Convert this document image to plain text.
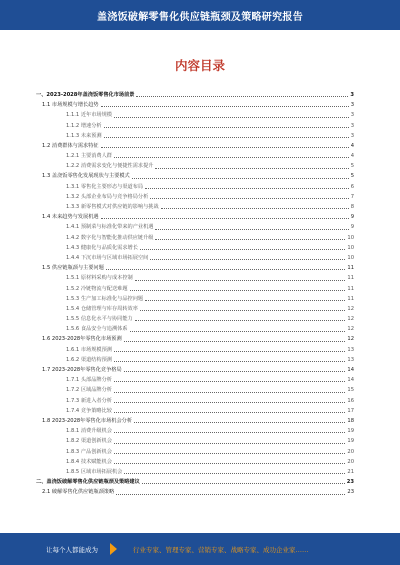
盖浇饭破解零售化供应链瓶颈及策略研究报告
内容目录
一、2023-2028年盖浇饭零售化市场前景	3
1.1 市场规模与增长趋势	3
1.1.1 近年市场规模	3
1.1.2 增速分析	3
1.1.3 未来预测	3
1.2 消费群体与需求特征	4
1.2.1 主要消费人群	4
1.2.2 消费需求变化与便捷性需求提升	5
1.3 盖浇饭零售化发展现状与主要模式	5
1.3.1 零售化主要形态与渠道布局	6
1.3.2 头部企业布局与竞争格局分析	7
1.3.3 新零售模式对供应链的影响与挑战	8
1.4 未来趋势与发展机遇	9
1.4.1 预制菜与标准化带来的产业机遇	9
1.4.2 数字化与智能化推动供应链升级	10
1.4.3 健康化与品质化需求增长	10
1.4.4 下沉市场与区域市场拓展空间	10
1.5 供应链瓶颈与主要问题	11
1.5.1 原材料采购与成本控制	11
1.5.2 冷链物流与配送难题	11
1.5.3 生产加工标准化与品控问题	11
1.5.4 仓储管理与库存周转效率	12
1.5.5 信息化水平与协同能力	12
1.5.6 食品安全与追溯体系	12
1.6 2023-2028年零售化市场预测	12
1.6.1 市场规模预测	13
1.6.2 渠道结构预测	13
1.7 2023-2028年零售化竞争格局	14
1.7.1 头部品牌分析	14
1.7.2 区域品牌分析	15
1.7.3 新进入者分析	16
1.7.4 竞争策略比较	17
1.8 2023-2028年零售化市场机会分析	18
1.8.1 消费升级机会	19
1.8.2 渠道创新机会	19
1.8.3 产品创新机会	20
1.8.4 技术赋能机会	20
1.8.5 区域市场拓展机会	21
二、盖浇饭破解零售化供应链瓶颈及策略建议	23
2.1 破解零售化供应链瓶颈策略	23
让每个人都能成为	行业专家、管理专家、营销专家、战略专家、成功企业家……
